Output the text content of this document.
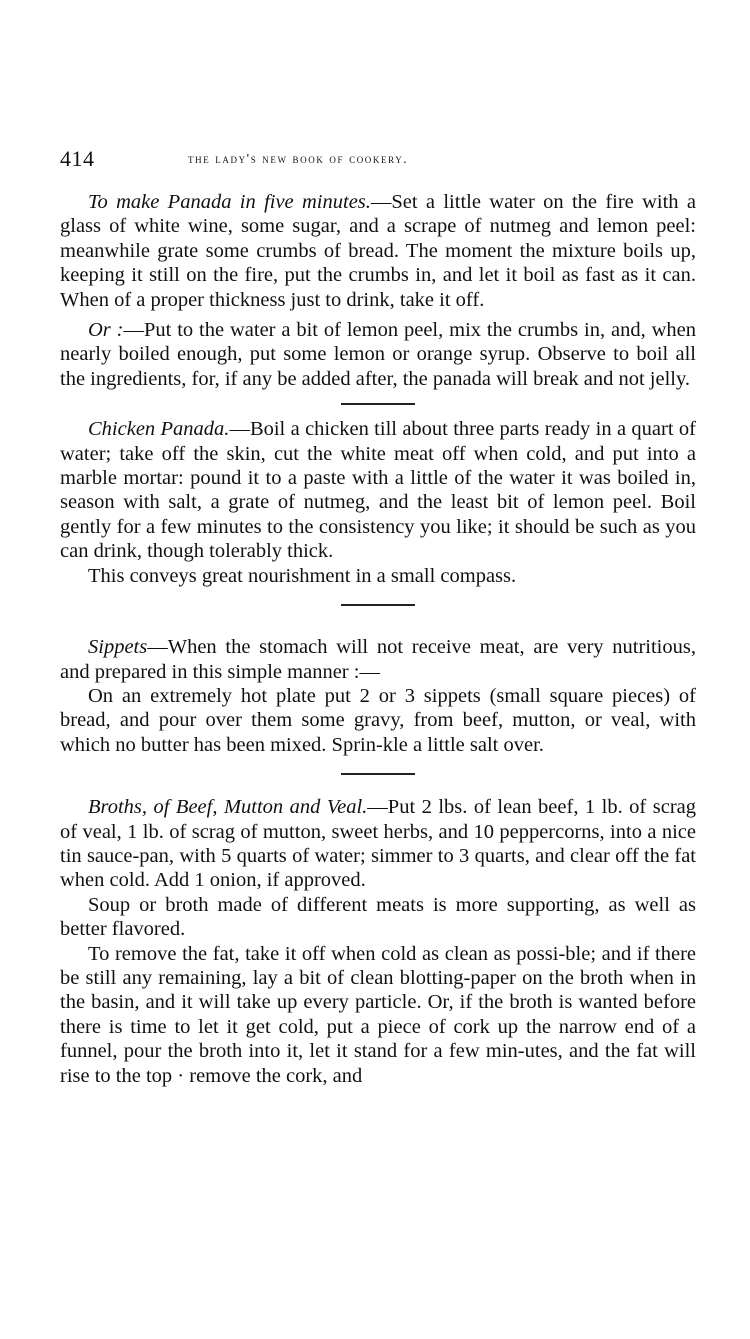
414	the lady's new book of cookery.

To make Panada in five minutes.—Set a little water on the fire with a glass of white wine, some sugar, and a scrape of nutmeg and lemon peel: meanwhile grate some crumbs of bread. The moment the mixture boils up, keeping it still on the fire, put the crumbs in, and let it boil as fast as it can. When of a proper thickness just to drink, take it off.

Or :—Put to the water a bit of lemon peel, mix the crumbs in, and, when nearly boiled enough, put some lemon or orange syrup. Observe to boil all the ingredients, for, if any be added after, the panada will break and not jelly.

Chicken Panada.—Boil a chicken till about three parts ready in a quart of water; take off the skin, cut the white meat off when cold, and put into a marble mortar: pound it to a paste with a little of the water it was boiled in, season with salt, a grate of nutmeg, and the least bit of lemon peel. Boil gently for a few minutes to the consistency you like; it should be such as you can drink, though tolerably thick.

This conveys great nourishment in a small compass.

Sippets—When the stomach will not receive meat, are very nutritious, and prepared in this simple manner :—

On an extremely hot plate put 2 or 3 sippets (small square pieces) of bread, and pour over them some gravy, from beef, mutton, or veal, with which no butter has been mixed. Sprin-kle a little salt over.

Broths, of Beef, Mutton and Veal.—Put 2 lbs. of lean beef, 1 lb. of scrag of veal, 1 lb. of scrag of mutton, sweet herbs, and 10 peppercorns, into a nice tin sauce-pan, with 5 quarts of water; simmer to 3 quarts, and clear off the fat when cold. Add 1 onion, if approved.

Soup or broth made of different meats is more supporting, as well as better flavored.

To remove the fat, take it off when cold as clean as possi-ble; and if there be still any remaining, lay a bit of clean blotting-paper on the broth when in the basin, and it will take up every particle. Or, if the broth is wanted before there is time to let it get cold, put a piece of cork up the narrow end of a funnel, pour the broth into it, let it stand for a few min-utes, and the fat will rise to the top · remove the cork, and
